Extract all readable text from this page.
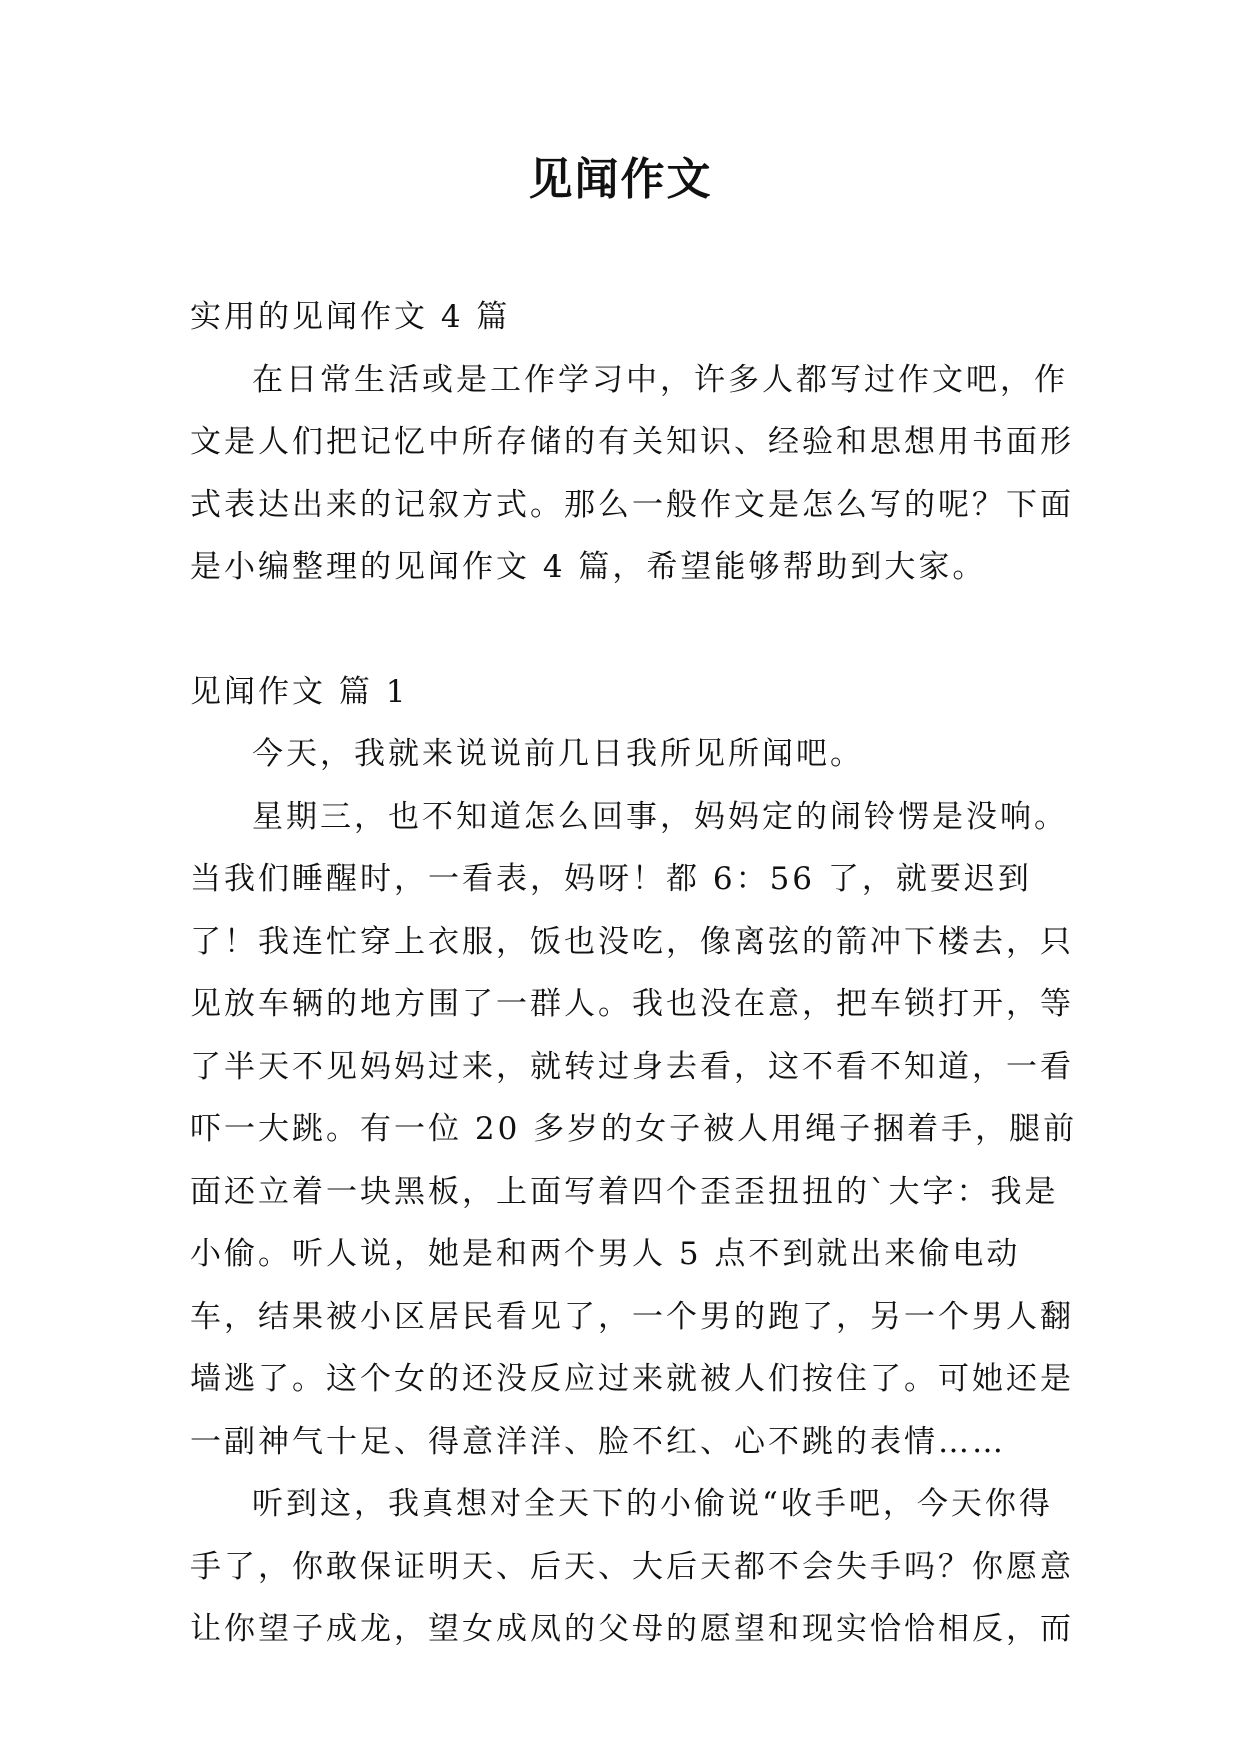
见闻作文

实用的见闻作文 4 篇

在日常生活或是工作学习中，许多人都写过作文吧，作文是人们把记忆中所存储的有关知识、经验和思想用书面形式表达出来的记叙方式。那么一般作文是怎么写的呢？下面是小编整理的见闻作文 4 篇，希望能够帮助到大家。

见闻作文 篇 1

今天，我就来说说前几日我所见所闻吧。

星期三，也不知道怎么回事，妈妈定的闹铃愣是没响。当我们睡醒时，一看表，妈呀！都 6：56 了，就要迟到了！我连忙穿上衣服，饭也没吃，像离弦的箭冲下楼去，只见放车辆的地方围了一群人。我也没在意，把车锁打开，等了半天不见妈妈过来，就转过身去看，这不看不知道，一看吓一大跳。有一位 20 多岁的女子被人用绳子捆着手，腿前面还立着一块黑板，上面写着四个歪歪扭扭的`大字：我是小偷。听人说，她是和两个男人 5 点不到就出来偷电动车，结果被小区居民看见了，一个男的跑了，另一个男人翻墙逃了。这个女的还没反应过来就被人们按住了。可她还是一副神气十足、得意洋洋、脸不红、心不跳的表情……

听到这，我真想对全天下的小偷说“收手吧，今天你得手了，你敢保证明天、后天、大后天都不会失手吗？你愿意让你望子成龙，望女成凤的父母的愿望和现实恰恰相反，而
